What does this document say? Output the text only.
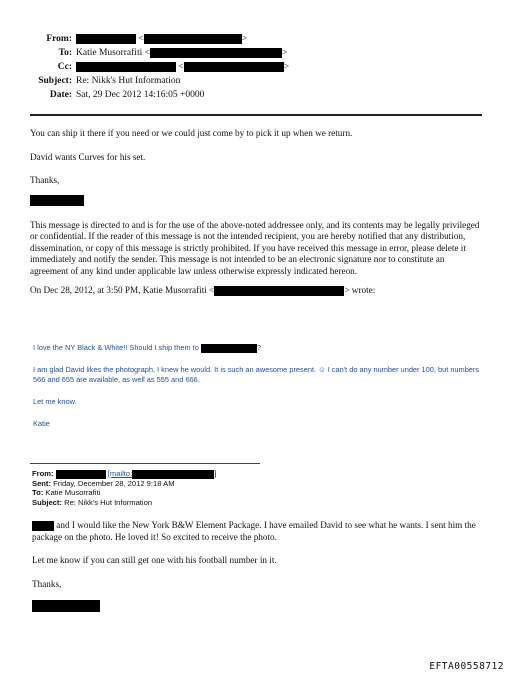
From:	<	>
To: Katie Musorrafiti <	>
Cc:	<	>
Subject: Re: Nikk's Hut Information
Date: Sat, 29 Dec 2012 14:16:05 +0000
You can ship it there if you need or we could just come by to pick it up when we return.
David wants Curves for his set.
Thanks,
This message is directed to and is for the use of the above-noted addressee only, and its contents may be legally privileged or confidential. If the reader of this message is not the intended recipient, you are hereby notified that any distribution, dissemination, or copy of this message is strictly prohibited. If you have received this message in error, please delete it immediately and notify the sender. This message is not intended to be an electronic signature nor to constitute an agreement of any kind under applicable law unless otherwise expressly indicated hereon.
On Dec 28, 2012, at 3:50 PM, Katie Musorrafiti <	> wrote:
I love the NY Black & White!! Should I ship them to	?
I am glad David likes the photograph, I knew he would. It is such an awesome present. ☺ I can't do any number under 100, but numbers 566 and 655 are available, as well as 555 and 666.
Let me know.
Katie
From:	[mailto:	]
Sent: Friday, December 28, 2012 9:18 AM
To: Katie Musorrafiti
Subject: Re: Nikk's Hut Information
and I would like the New York B&W Element Package. I have emailed David to see what he wants. I sent him the package on the photo. He loved it! So excited to receive the photo.
Let me know if you can still get one with his football number in it.
Thanks,
EFTA00558712
